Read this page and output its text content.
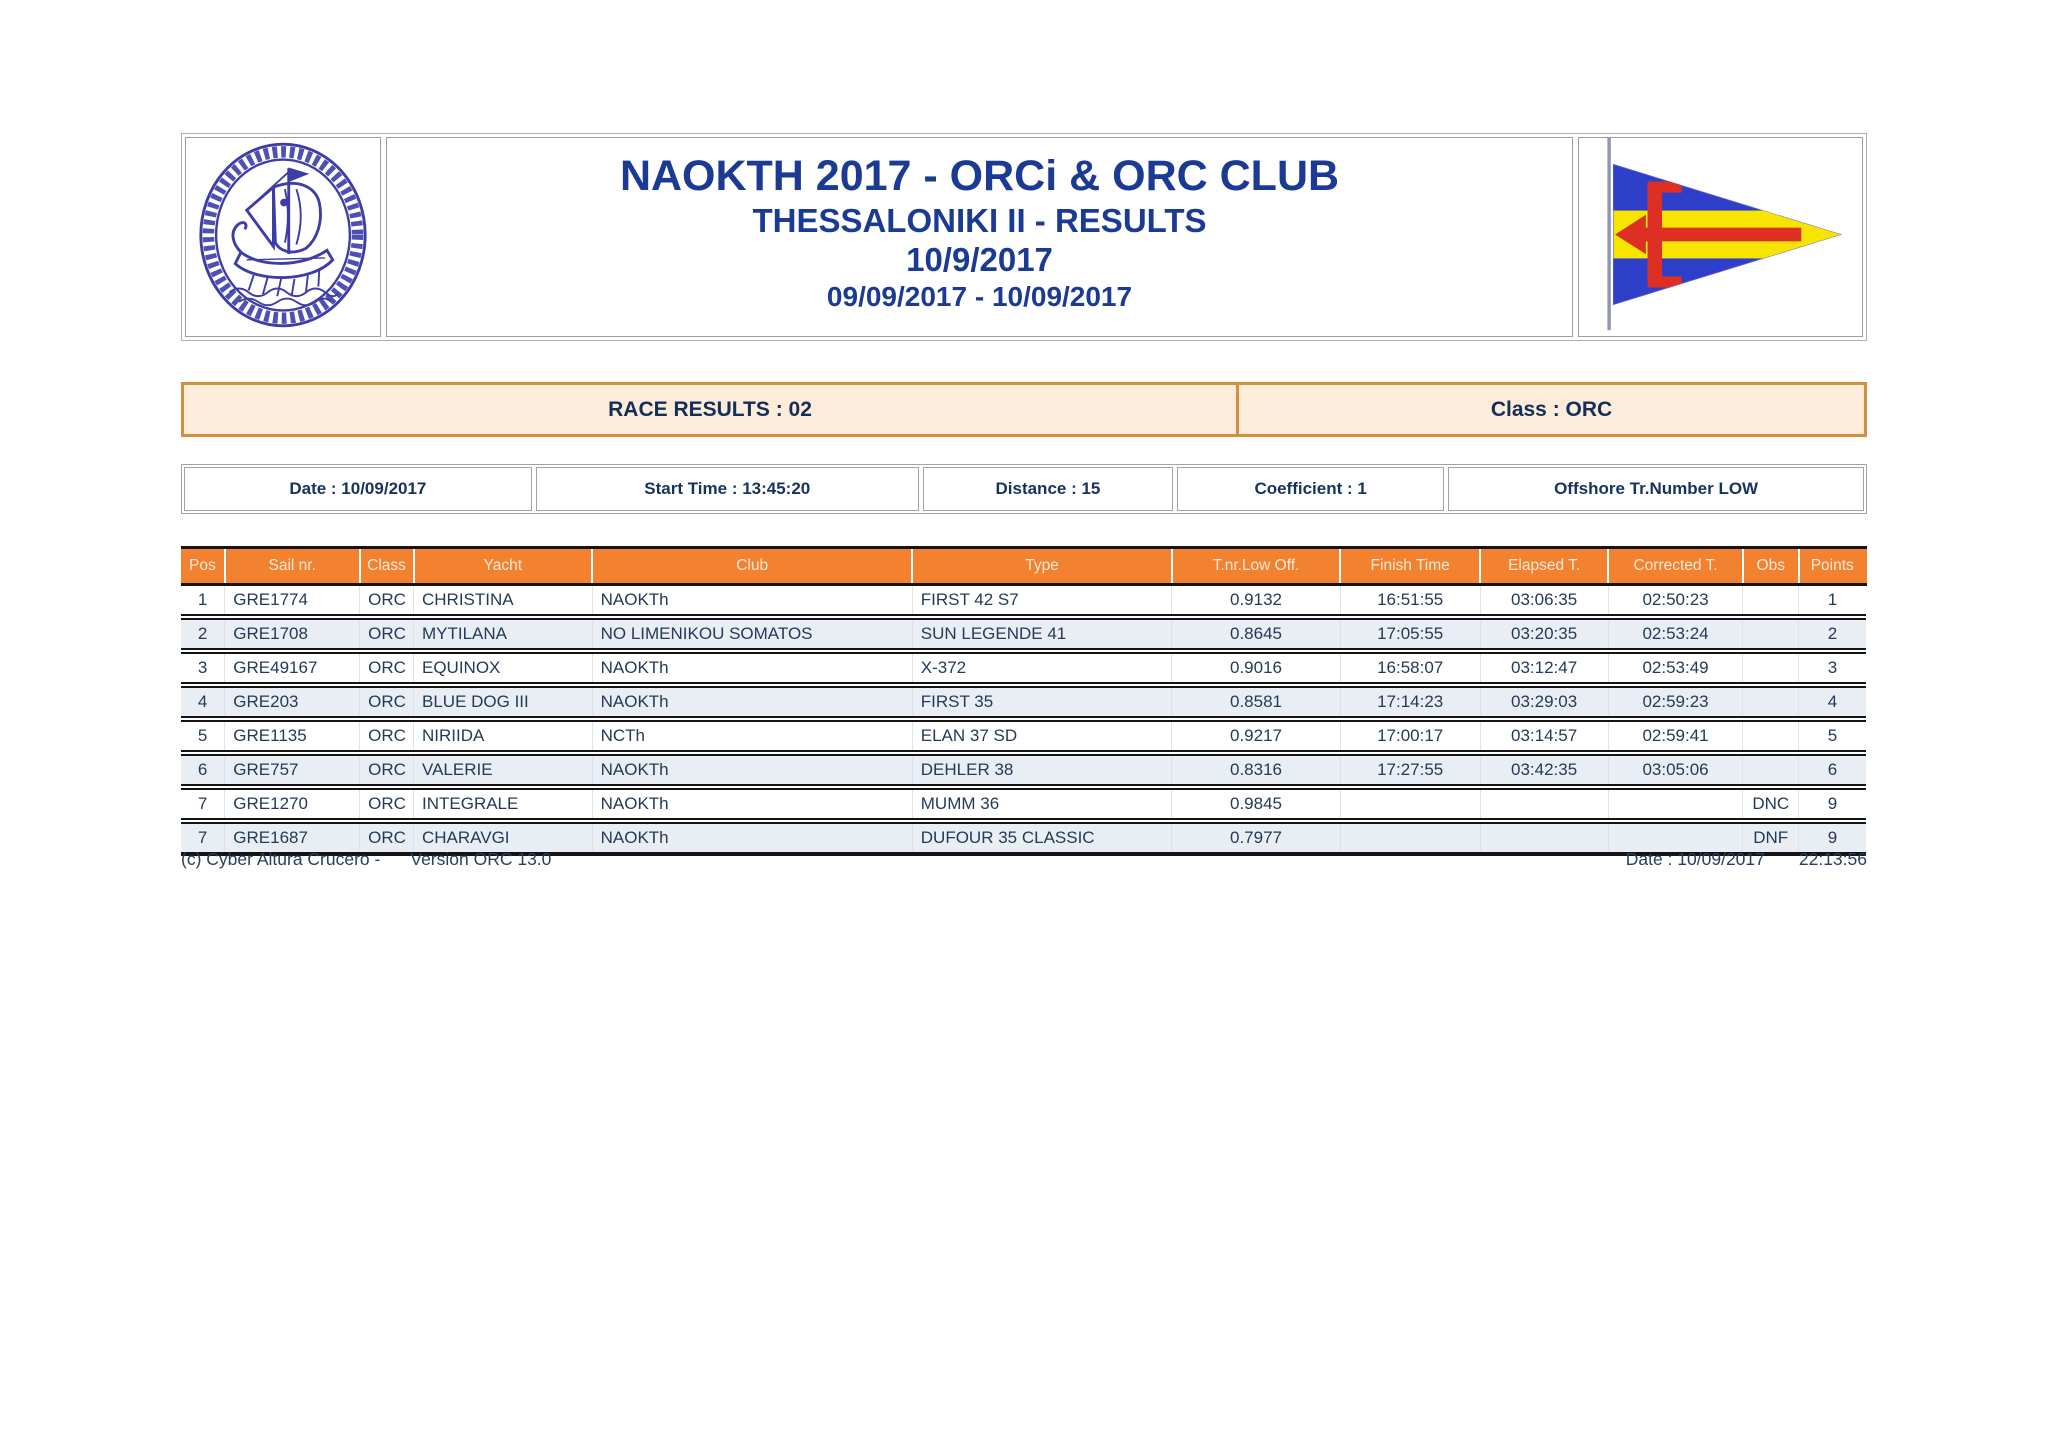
NAOKTH 2017 - ORCi & ORC CLUB
THESSALONIKI II - RESULTS
10/9/2017
09/09/2017 - 10/09/2017
RACE RESULTS : 02	Class : ORC
Date : 10/09/2017	Start Time : 13:45:20	Distance : 15	Coefficient : 1	Offshore Tr.Number LOW
Pos	Sail nr.	Class	Yacht	Club	Type	T.nr.Low Off.	Finish Time	Elapsed T.	Corrected T.	Obs	Points
1	GRE1774	ORC	CHRISTINA	NAOKTh	FIRST 42 S7	0.9132	16:51:55	03:06:35	02:50:23		1
2	GRE1708	ORC	MYTILANA	NO LIMENIKOU SOMATOS	SUN LEGENDE 41	0.8645	17:05:55	03:20:35	02:53:24		2
3	GRE49167	ORC	EQUINOX	NAOKTh	X-372	0.9016	16:58:07	03:12:47	02:53:49		3
4	GRE203	ORC	BLUE DOG III	NAOKTh	FIRST 35	0.8581	17:14:23	03:29:03	02:59:23		4
5	GRE1135	ORC	NIRIIDA	NCTh	ELAN 37 SD	0.9217	17:00:17	03:14:57	02:59:41		5
6	GRE757	ORC	VALERIE	NAOKTh	DEHLER 38	0.8316	17:27:55	03:42:35	03:05:06		6
7	GRE1270	ORC	INTEGRALE	NAOKTh	MUMM 36	0.9845				DNC	9
7	GRE1687	ORC	CHARAVGI	NAOKTh	DUFOUR 35 CLASSIC	0.7977				DNF	9
(c) Cyber Altura Crucero - Version ORC 13.0	Date : 10/09/2017 22:13:56
